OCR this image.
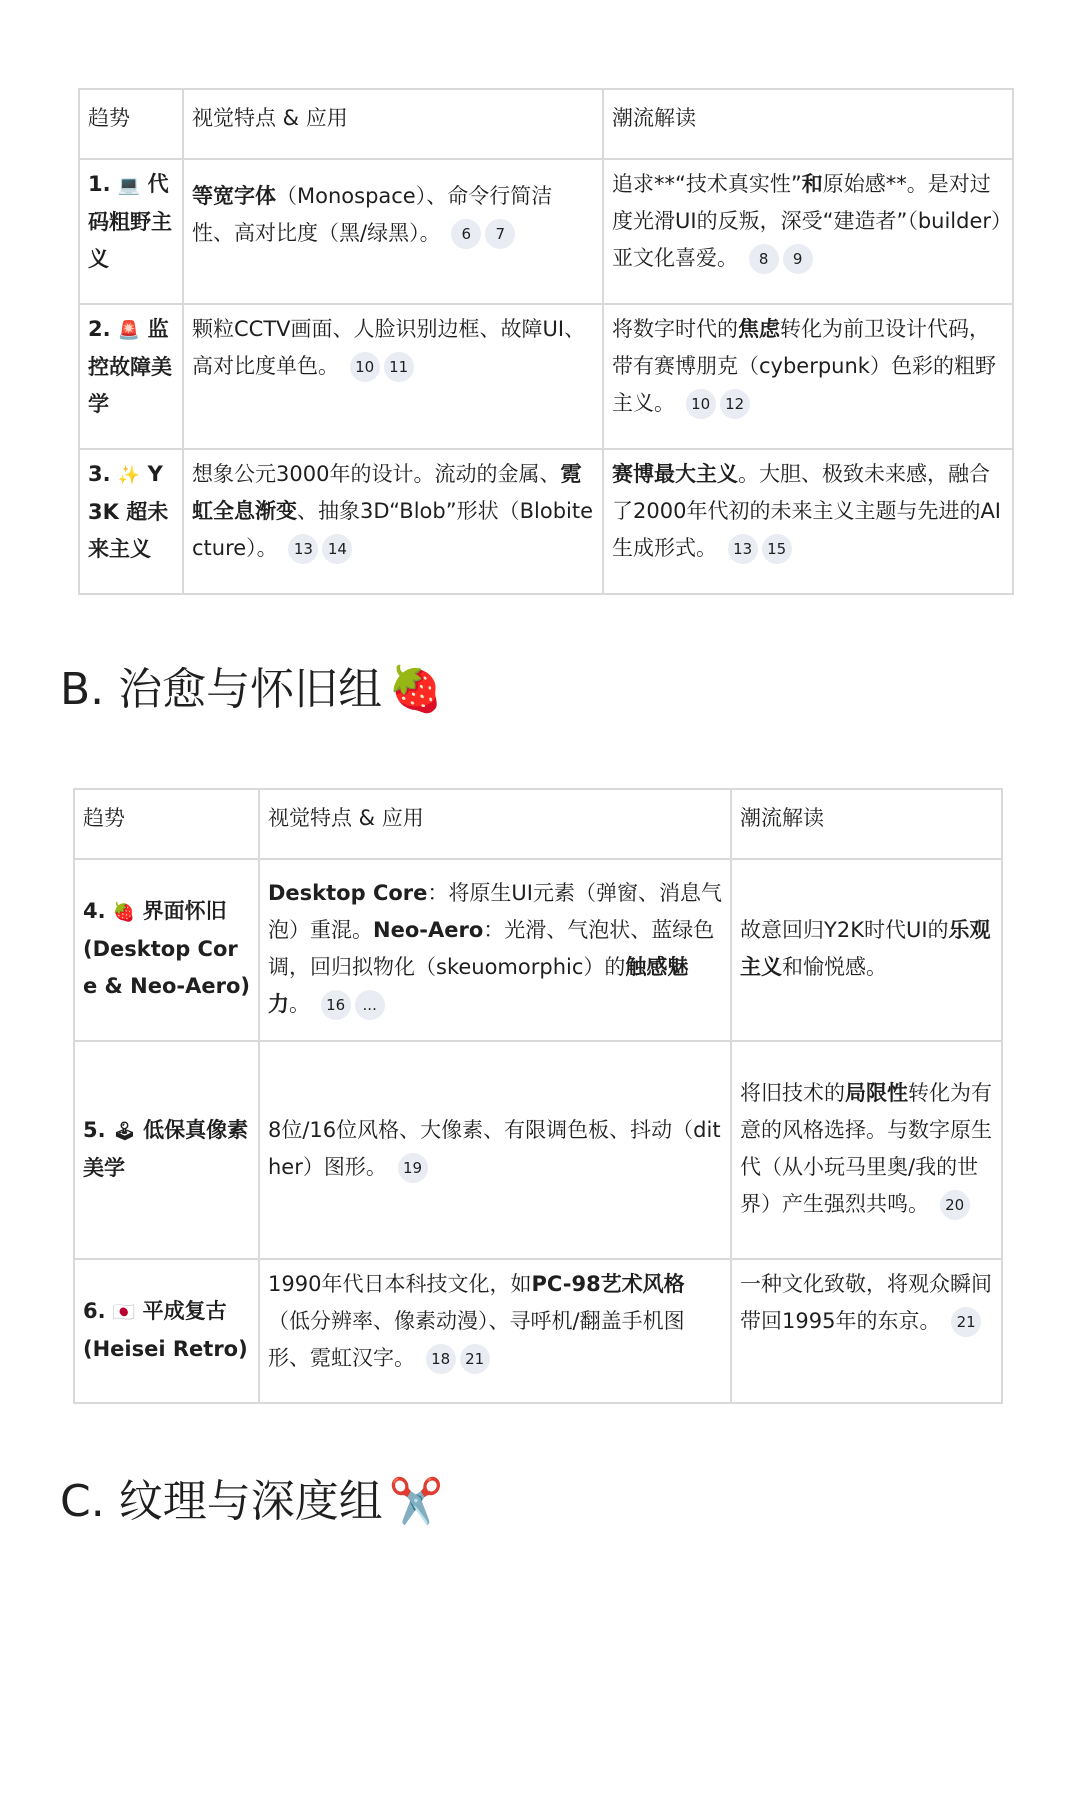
趋势	视觉特点 & 应用	潮流解读
1. 💻 代码粗野主义	等宽字体（Monospace）、命令行简洁性、高对比度（黑/绿黑）。 6 7	追求**“技术真实性”和原始感**。是对过度光滑UI的反叛，深受“建造者”（builder）亚文化喜爱。 8 9
2. 🚨 监控故障美学	颗粒CCTV画面、人脸识别边框、故障UI、高对比度单色。 10 11	将数字时代的焦虑转化为前卫设计代码，带有赛博朋克（cyberpunk）色彩的粗野主义。 10 12
3. ✨ Y3K 超未来主义	想象公元3000年的设计。流动的金属、霓虹全息渐变、抽象3D“Blob”形状（Blobitecture）。 13 14	赛博最大主义。大胆、极致未来感，融合了2000年代初的未来主义主题与先进的AI生成形式。 13 15
B. 治愈与怀旧组 🍓
趋势	视觉特点 & 应用	潮流解读
4. 🍓 界面怀旧 (Desktop Core & Neo-Aero)	Desktop Core：将原生UI元素（弹窗、消息气泡）重混。Neo-Aero：光滑、气泡状、蓝绿色调，回归拟物化（skeuomorphic）的触感魅力。 16 ...	故意回归Y2K时代UI的乐观主义和愉悦感。
5. 🕹 低保真像素美学	8位/16位风格、大像素、有限调色板、抖动（dither）图形。 19	将旧技术的局限性转化为有意的风格选择。与数字原生代（从小玩马里奥/我的世界）产生强烈共鸣。 20
6. 🇯🇵 平成复古 (Heisei Retro)	1990年代日本科技文化，如PC-98艺术风格（低分辨率、像素动漫）、寻呼机/翻盖手机图形、霓虹汉字。 18 21	一种文化致敬，将观众瞬间带回1995年的东京。 21
C. 纹理与深度组 ✂️
